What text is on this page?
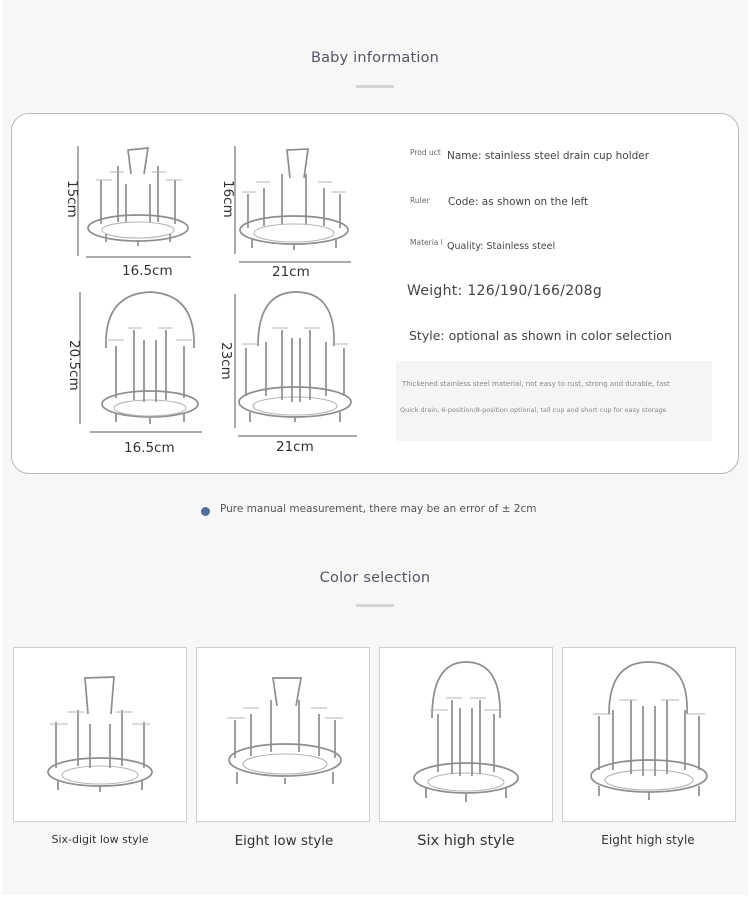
Baby information
15cm
16.5cm
16cm
21cm
20.5cm
16.5cm
23cm
21cm
Prod uct Name: stainless steel drain cup holder
Ruler	Code: as shown on the left
Materia l Quality: Stainless steel
Weight: 126/190/166/208g
Style: optional as shown in color selection
Thickened stainless steel material, not easy to rust, strong and durable, fast
Quick drain, 6-position/8-position optional, tall cup and short cup for easy storage
Pure manual measurement, there may be an error of ± 2cm
Color selection
Six-digit low style	Eight low style	Six high style	Eight high style
